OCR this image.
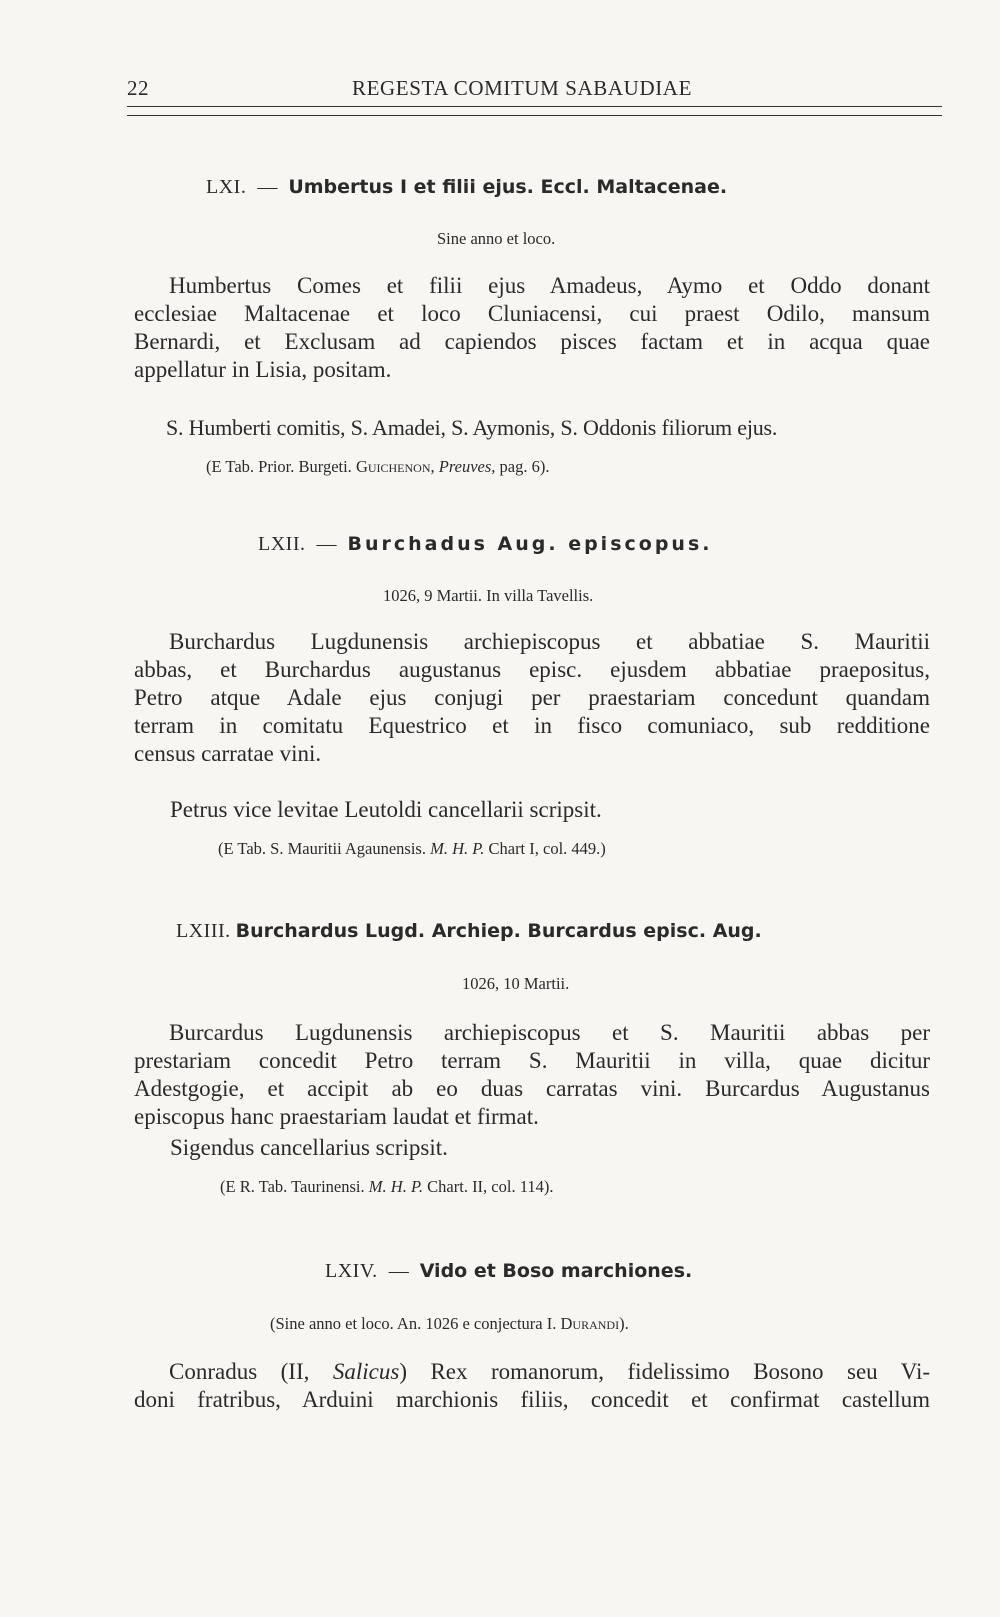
22	REGESTA COMITUM SABAUDIAE
LXI. — Umbertus I et filii ejus. Eccl. Maltacenae.
Sine anno et loco.
Humbertus Comes et filii ejus Amadeus, Aymo et Oddo donant
ecclesiae Maltacenae et loco Cluniacensi, cui praest Odilo, mansum
Bernardi, et Exclusam ad capiendos pisces factam et in acqua quae
appellatur in Lisia, positam.
S. Humberti comitis, S. Amadei, S. Aymonis, S. Oddonis filiorum ejus.
(E Tab. Prior. Burgeti. Guichenon, Preuves, pag. 6).
LXII. — Burchadus Aug. episcopus.
1026, 9 Martii. In villa Tavellis.
Burchardus Lugdunensis archiepiscopus et abbatiae S. Mauritii
abbas, et Burchardus augustanus episc. ejusdem abbatiae praepositus,
Petro atque Adale ejus conjugi per praestariam concedunt quandam
terram in comitatu Equestrico et in fisco comuniaco, sub redditione
census carratae vini.
Petrus vice levitae Leutoldi cancellarii scripsit.
(E Tab. S. Mauritii Agaunensis. M. H. P. Chart I, col. 449.)
LXIII. Burchardus Lugd. Archiep. Burcardus episc. Aug.
1026, 10 Martii.
Burcardus Lugdunensis archiepiscopus et S. Mauritii abbas per
prestariam concedit Petro terram S. Mauritii in villa, quae dicitur
Adestgogie, et accipit ab eo duas carratas vini. Burcardus Augustanus
episcopus hanc praestariam laudat et firmat.
Sigendus cancellarius scripsit.
(E R. Tab. Taurinensi. M. H. P. Chart. II, col. 114).
LXIV. — Vido et Boso marchiones.
(Sine anno et loco. An. 1026 e conjectura I. Durandi).
Conradus (II, Salicus) Rex romanorum, fidelissimo Bosono seu Vi-
doni fratribus, Arduini marchionis filiis, concedit et confirmat castellum
